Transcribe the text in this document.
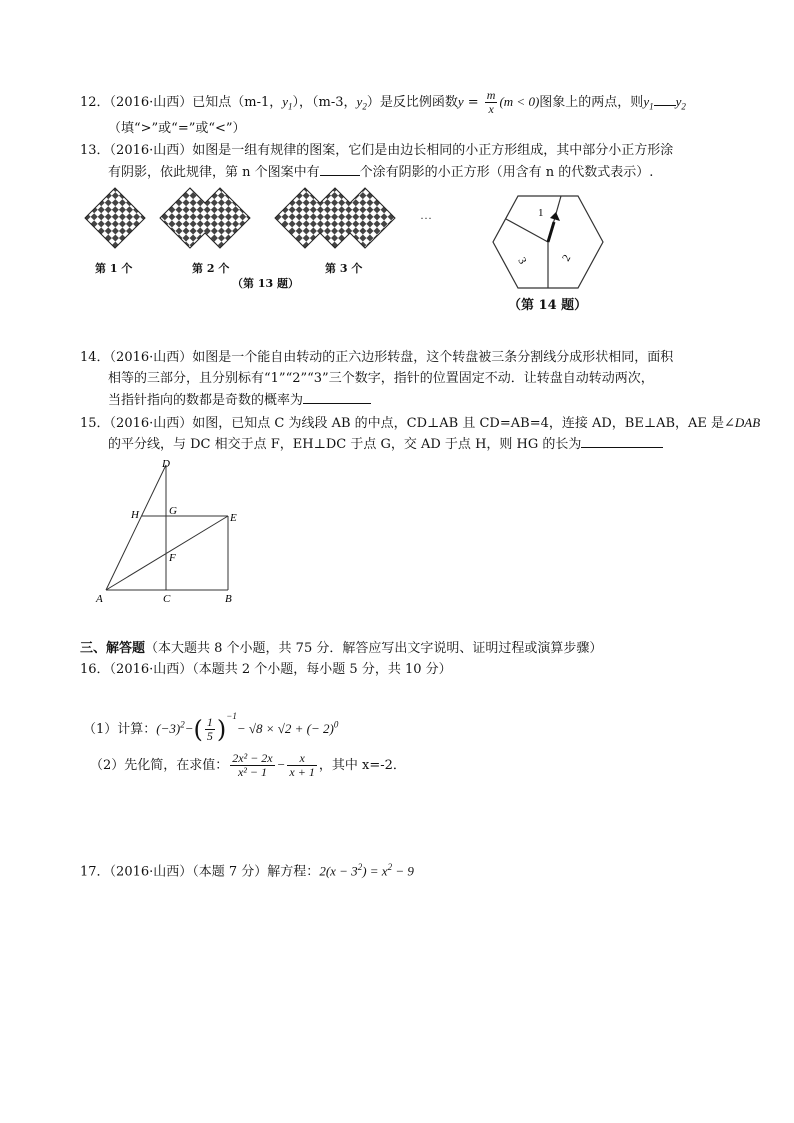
12．（2016·山西）已知点（m-1，$y_1$），（m-3，$y_2$）是反比例函数$y = \frac{m}{x} (m < 0)$图象上的两点，则$y_1$ $y_2$
（填“>”或“=”或“<”）
13．（2016·山西）如图是一组有规律的图案，它们是由边长相同的小正方形组成，其中部分小正方形涂
有阴影，依此规律，第 n 个图案中有	个涂有阴影的小正方形（用含有 n 的代数式表示）.
···
第 1 个	第 2 个	第 3 个
（第 13 题）
1
3	2
（第 14 题）
14．（2016·山西）如图是一个能自由转动的正六边形转盘，这个转盘被三条分割线分成形状相同，面积
相等的三部分，且分别标有“1”“2”“3”三个数字，指针的位置固定不动．让转盘自动转动两次，
当指针指向的数都是奇数的概率为
15．（2016·山西）如图，已知点 C 为线段 AB 的中点，CD⊥AB 且 CD=AB=4，连接 AD，BE⊥AB，AE 是∠DAB
的平分线，与 DC 相交于点 F，EH⊥DC 于点 G，交 AD 于点 H，则 HG 的长为
D
H	G
E
F
A	C	B
三、解答题（本大题共 8 个小题，共 75 分．解答应写出文字说明、证明过程或演算步骤）
16．（2016·山西）（本题共 2 个小题，每小题 5 分，共 10 分）
（1）计算：$(-3)^2-( \frac{1}{5} )^{-1}- √8 \times √2$ + (− 2)$^0$
（2）先化简，在求值： $\frac{\text{2x² − 2x}}{\text{x² − 1}} - \frac{x}{x + 1}$ ，其中 x=-2．
17．（2016·山西）（本题 7 分）解方程：$2(x - 3^2) = x^2 - 9$
